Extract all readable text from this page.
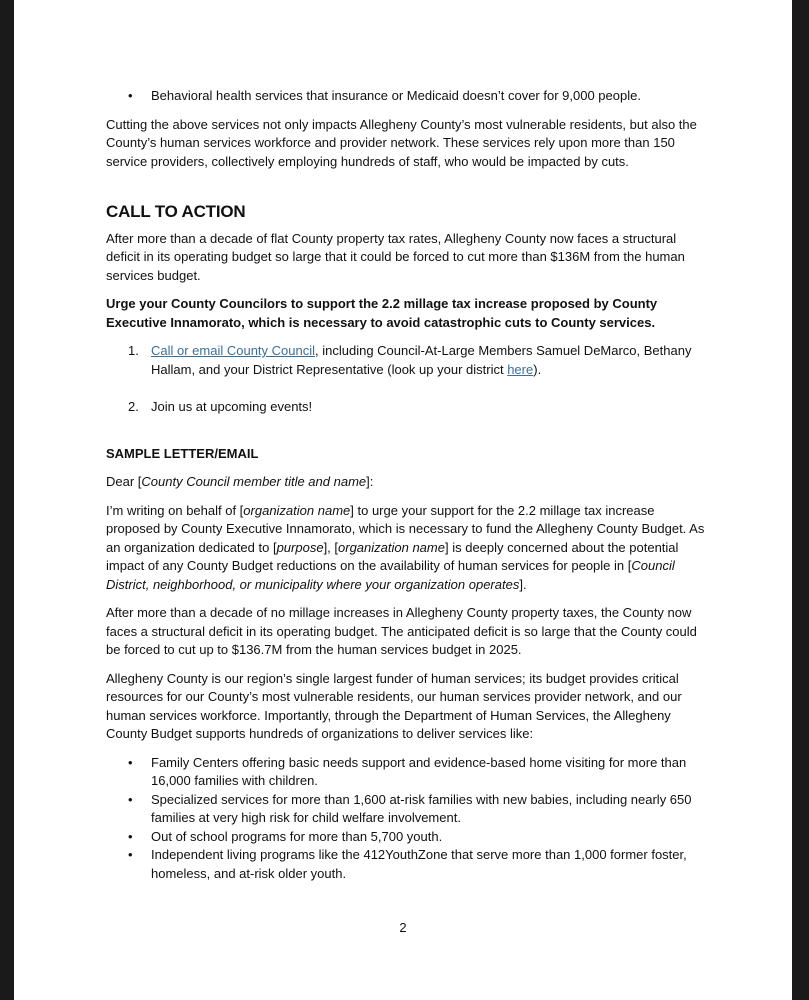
• Behavioral health services that insurance or Medicaid doesn’t cover for 9,000 people.

Cutting the above services not only impacts Allegheny County’s most vulnerable residents, but also the County’s human services workforce and provider network. These services rely upon more than 150 service providers, collectively employing hundreds of staff, who would be impacted by cuts.

CALL TO ACTION

After more than a decade of flat County property tax rates, Allegheny County now faces a structural deficit in its operating budget so large that it could be forced to cut more than $136M from the human services budget.

Urge your County Councilors to support the 2.2 millage tax increase proposed by County Executive Innamorato, which is necessary to avoid catastrophic cuts to County services.

1. Call or email County Council, including Council-At-Large Members Samuel DeMarco, Bethany Hallam, and your District Representative (look up your district here).
2. Join us at upcoming events!
SAMPLE LETTER/EMAIL

Dear [County Council member title and name]:

I’m writing on behalf of [organization name] to urge your support for the 2.2 millage tax increase proposed by County Executive Innamorato, which is necessary to fund the Allegheny County Budget. As an organization dedicated to [purpose], [organization name] is deeply concerned about the potential impact of any County Budget reductions on the availability of human services for people in [Council District, neighborhood, or municipality where your organization operates].

After more than a decade of no millage increases in Allegheny County property taxes, the County now faces a structural deficit in its operating budget. The anticipated deficit is so large that the County could be forced to cut up to $136.7M from the human services budget in 2025.

Allegheny County is our region’s single largest funder of human services; its budget provides critical resources for our County’s most vulnerable residents, our human services provider network, and our human services workforce. Importantly, through the Department of Human Services, the Allegheny County Budget supports hundreds of organizations to deliver services like:

• Family Centers offering basic needs support and evidence-based home visiting for more than 16,000 families with children.
• Specialized services for more than 1,600 at-risk families with new babies, including nearly 650 families at very high risk for child welfare involvement.
• Out of school programs for more than 5,700 youth.
• Independent living programs like the 412YouthZone that serve more than 1,000 former foster, homeless, and at-risk older youth.
2
